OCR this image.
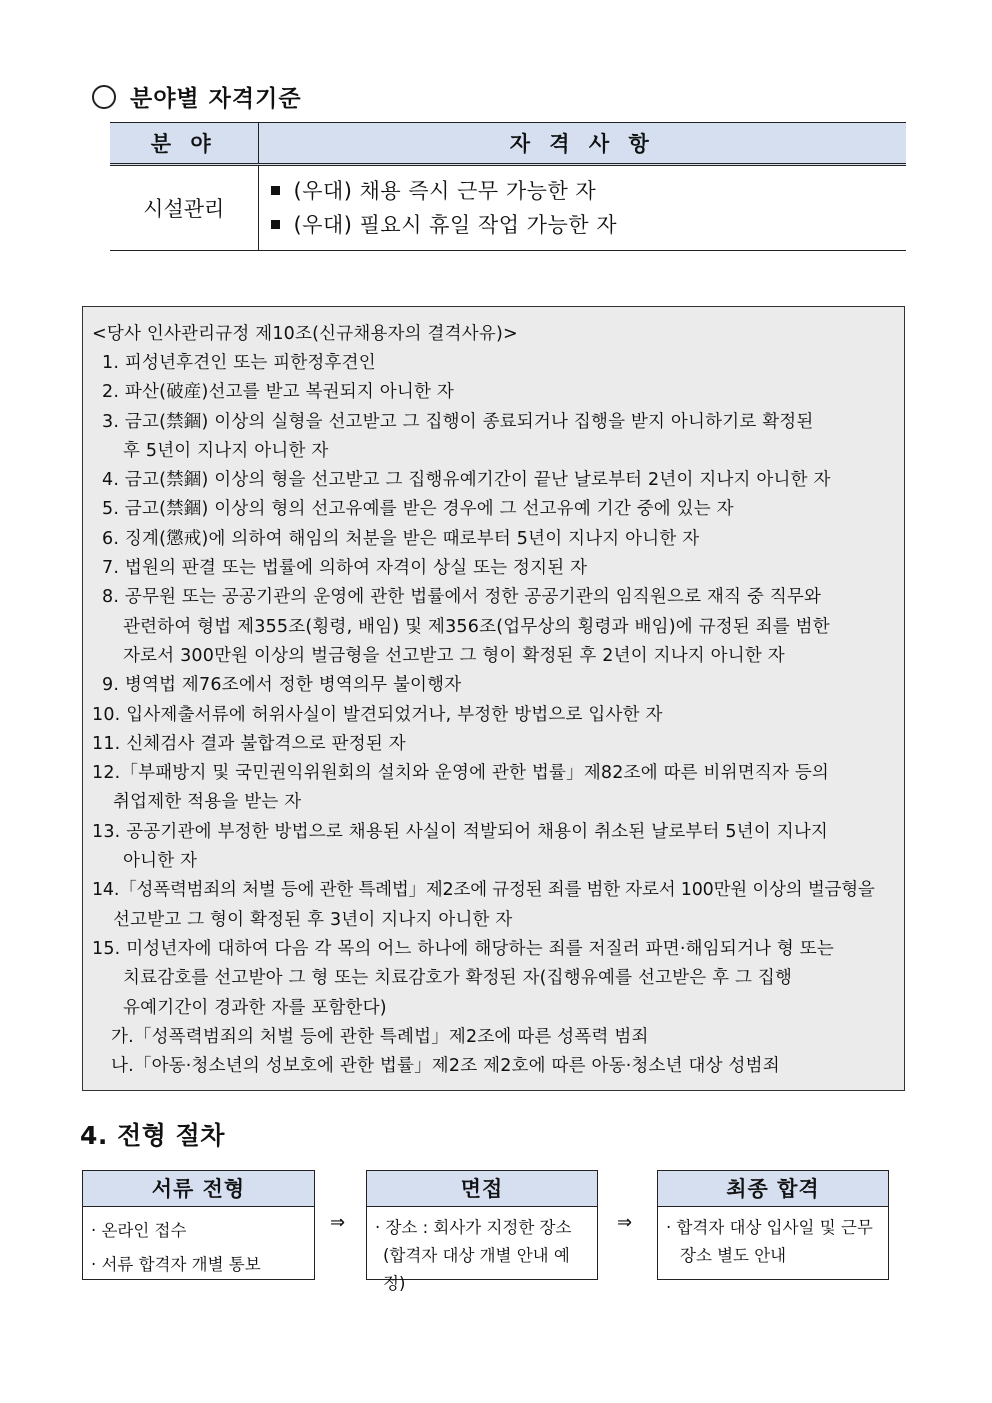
분야별 자격기준
분 야	자 격 사 항
시설관리	(우대) 채용 즉시 근무 가능한 자
(우대) 필요시 휴일 작업 가능한 자
<당사 인사관리규정 제10조(신규채용자의 결격사유)>
1. 피성년후견인 또는 피한정후견인
2. 파산(破産)선고를 받고 복권되지 아니한 자
3. 금고(禁錮) 이상의 실형을 선고받고 그 집행이 종료되거나 집행을 받지 아니하기로 확정된
후 5년이 지나지 아니한 자
4. 금고(禁錮) 이상의 형을 선고받고 그 집행유예기간이 끝난 날로부터 2년이 지나지 아니한 자
5. 금고(禁錮) 이상의 형의 선고유예를 받은 경우에 그 선고유예 기간 중에 있는 자
6. 징계(懲戒)에 의하여 해임의 처분을 받은 때로부터 5년이 지나지 아니한 자
7. 법원의 판결 또는 법률에 의하여 자격이 상실 또는 정지된 자
8. 공무원 또는 공공기관의 운영에 관한 법률에서 정한 공공기관의 임직원으로 재직 중 직무와
관련하여 형법 제355조(횡령, 배임) 및 제356조(업무상의 횡령과 배임)에 규정된 죄를 범한
자로서 300만원 이상의 벌금형을 선고받고 그 형이 확정된 후 2년이 지나지 아니한 자
9. 병역법 제76조에서 정한 병역의무 불이행자
10. 입사제출서류에 허위사실이 발견되었거나, 부정한 방법으로 입사한 자
11. 신체검사 결과 불합격으로 판정된 자
12.「부패방지 및 국민권익위원회의 설치와 운영에 관한 법률」제82조에 따른 비위면직자 등의
취업제한 적용을 받는 자
13. 공공기관에 부정한 방법으로 채용된 사실이 적발되어 채용이 취소된 날로부터 5년이 지나지
아니한 자
14.「성폭력범죄의 처벌 등에 관한 특례법」제2조에 규정된 죄를 범한 자로서 100만원 이상의 벌금형을
선고받고 그 형이 확정된 후 3년이 지나지 아니한 자
15. 미성년자에 대하여 다음 각 목의 어느 하나에 해당하는 죄를 저질러 파면·해임되거나 형 또는
치료감호를 선고받아 그 형 또는 치료감호가 확정된 자(집행유예를 선고받은 후 그 집행
유예기간이 경과한 자를 포함한다)
가.「성폭력범죄의 처벌 등에 관한 특례법」제2조에 따른 성폭력 범죄
나.「아동·청소년의 성보호에 관한 법률」제2조 제2호에 따른 아동·청소년 대상 성범죄
4. 전형 절차
서류 전형
· 온라인 접수
· 서류 합격자 개별 통보
⇒
면접
· 장소 : 회사가 지정한 장소
(합격자 대상 개별 안내 예정)
⇒
최종 합격
· 합격자 대상 입사일 및 근무
장소 별도 안내
